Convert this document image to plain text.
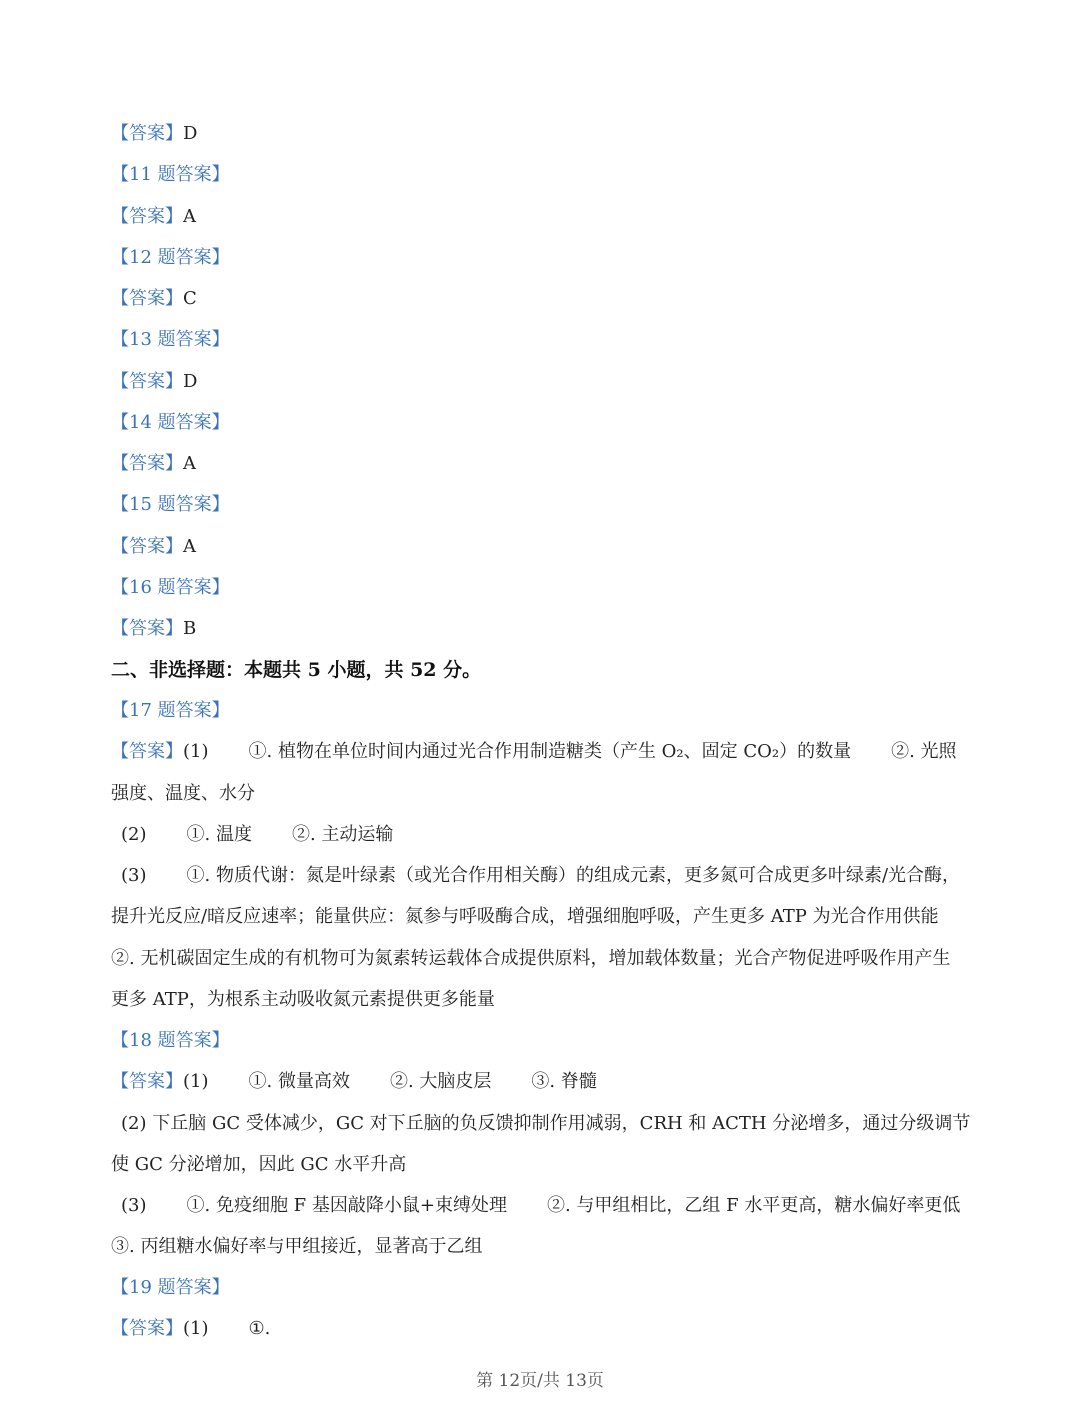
【答案】D
【11 题答案】
【答案】A
【12 题答案】
【答案】C
【13 题答案】
【答案】D
【14 题答案】
【答案】A
【15 题答案】
【答案】A
【16 题答案】
【答案】B
二、非选择题：本题共 5 小题，共 52 分。
【17 题答案】
【答案】(1) ①. 植物在单位时间内通过光合作用制造糖类（产生 O₂、固定 CO₂）的数量 ②. 光照
强度、温度、水分
(2) ①. 温度 ②. 主动运输
(3) ①. 物质代谢：氮是叶绿素（或光合作用相关酶）的组成元素，更多氮可合成更多叶绿素/光合酶，
提升光反应/暗反应速率；能量供应：氮参与呼吸酶合成，增强细胞呼吸，产生更多 ATP 为光合作用供能
②. 无机碳固定生成的有机物可为氮素转运载体合成提供原料，增加载体数量；光合产物促进呼吸作用产生
更多 ATP，为根系主动吸收氮元素提供更多能量
【18 题答案】
【答案】(1) ①. 微量高效 ②. 大脑皮层 ③. 脊髓
(2) 下丘脑 GC 受体减少，GC 对下丘脑的负反馈抑制作用减弱，CRH 和 ACTH 分泌增多，通过分级调节
使 GC 分泌增加，因此 GC 水平升高
(3) ①. 免疫细胞 F 基因敲降小鼠+束缚处理 ②. 与甲组相比，乙组 F 水平更高，糖水偏好率更低
③. 丙组糖水偏好率与甲组接近，显著高于乙组
【19 题答案】
【答案】(1) ①.
第 12页/共 13页
